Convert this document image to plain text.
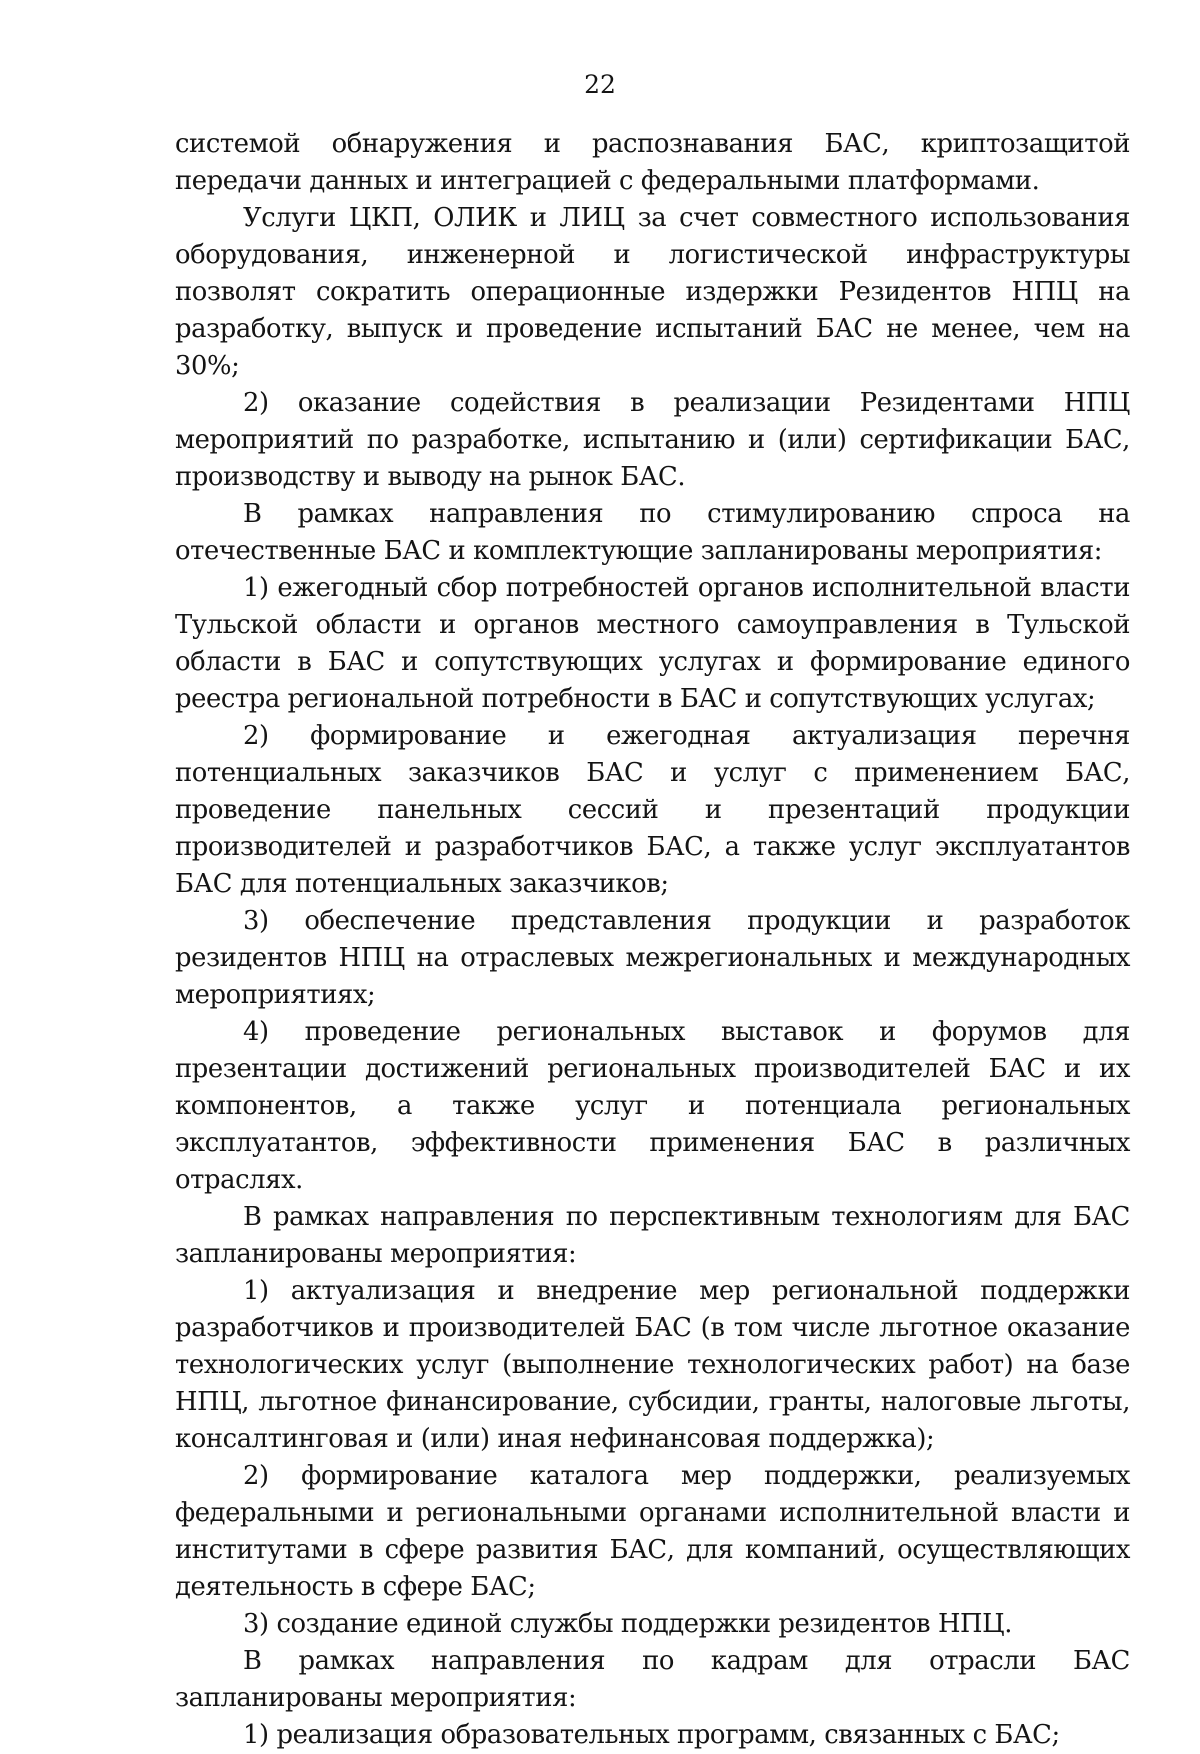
22

системой обнаружения и распознавания БАС, криптозащитой передачи данных и интеграцией с федеральными платформами.

Услуги ЦКП, ОЛИК и ЛИЦ за счет совместного использования оборудования, инженерной и логистической инфраструктуры позволят сократить операционные издержки Резидентов НПЦ на разработку, выпуск и проведение испытаний БАС не менее, чем на 30%;

2) оказание содействия в реализации Резидентами НПЦ мероприятий по разработке, испытанию и (или) сертификации БАС, производству и выводу на рынок БАС.

В рамках направления по стимулированию спроса на отечественные БАС и комплектующие запланированы мероприятия:

1) ежегодный сбор потребностей органов исполнительной власти Тульской области и органов местного самоуправления в Тульской области в БАС и сопутствующих услугах и формирование единого реестра региональной потребности в БАС и сопутствующих услугах;

2) формирование и ежегодная актуализация перечня потенциальных заказчиков БАС и услуг с применением БАС, проведение панельных сессий и презентаций продукции производителей и разработчиков БАС, а также услуг эксплуатантов БАС для потенциальных заказчиков;

3) обеспечение представления продукции и разработок резидентов НПЦ на отраслевых межрегиональных и международных мероприятиях;

4) проведение региональных выставок и форумов для презентации достижений региональных производителей БАС и их компонентов, а также услуг и потенциала региональных эксплуатантов, эффективности применения БАС в различных отраслях.

В рамках направления по перспективным технологиям для БАС запланированы мероприятия:

1) актуализация и внедрение мер региональной поддержки разработчиков и производителей БАС (в том числе льготное оказание технологических услуг (выполнение технологических работ) на базе НПЦ, льготное финансирование, субсидии, гранты, налоговые льготы, консалтинговая и (или) иная нефинансовая поддержка);

2) формирование каталога мер поддержки, реализуемых федеральными и региональными органами исполнительной власти и институтами в сфере развития БАС, для компаний, осуществляющих деятельность в сфере БАС;

3) создание единой службы поддержки резидентов НПЦ.

В рамках направления по кадрам для отрасли БАС запланированы мероприятия:

1) реализация образовательных программ, связанных с БАС;
